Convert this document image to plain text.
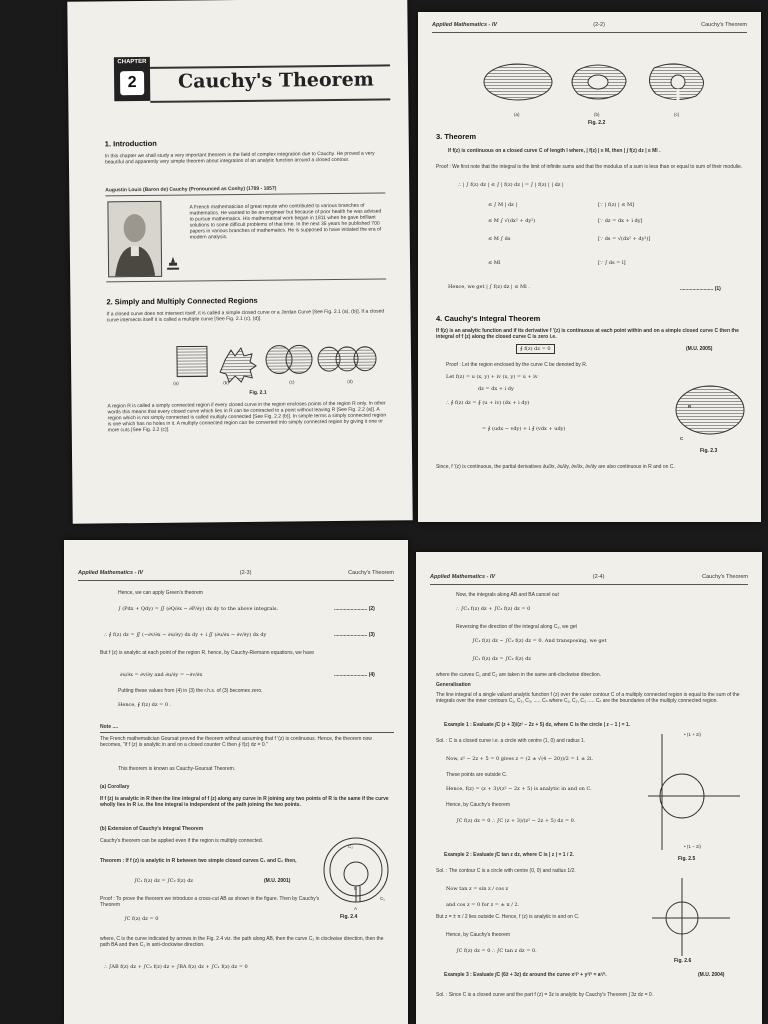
CHAPTER
2	Cauchy's Theorem
1. Introduction
In this chapter we shall study a very important theorem in the field of complex integration due to Cauchy. He proved a very beautiful and apparently very simple theorem about integration of an analytic function around a closed contour.
Augustin Louis (Baron de) Cauchy (Pronounced as Coshy) (1789 - 1857)
A French mathematician of great repute who contributed to various branches of mathematics. He wanted to be an engineer but because of poor health he was advised to pursue mathematics. His mathematical work began in 1811 when he gave brilliant solutions to some difficult problems of that time. In the next 35 years he published 700 papers in various branches of mathematics. He is supposed to have initiated the era of modern analysis.
2. Simply and Multiply Connected Regions
If a closed curve does not intersect itself, it is called a simple closed curve or a Jordan Curve [See Fig. 2.1 (a), (b)]. If a closed curve intersects itself it is called a multiple curve [See Fig. 2.1 (c), (d)].
(a)	(b)	(c)	(d)
Fig. 2.1
A region R is called a simply connected region if every closed curve in the region encloses points of the region R only. In other words this means that every closed curve which lies in R can be contracted to a point without leaving R [See Fig. 2.2 (a)]. A region which is not simply connected is called multiply connected [See Fig. 2.2 (b)]. In simple terms a simply connected region is one which has no holes in it. A multiply connected region can be converted into simply connected region by giving it one or more cuts [See Fig. 2.2 (c)].
Applied Mathematics - IV	(2-2)	Cauchy's Theorem
(a)	(b)	(c)
Fig. 2.2
3. Theorem
If f(z) is continuous on a closed curve C of length l where, | f(z) | ≤ M, then | ∫ f(z) dz | ≤ Ml .
Proof : We first note that the integral is the limit of infinite sums and that the modulus of a sum is less than or equal to sum of their modulie.
∴ | ∫ f(z) dz | ≤ ∫ | f(z) dz | = ∫ | f(z) | | dz |
≤ ∫ M | dz |	[∵ | f(z) | ≤ M]
≤ M ∫ √(dx² + dy²)	[∵ dz = dx + i dy]
≤ M ∫ ds	[∵ ds = √(dx² + dy²)]
≤ Ml	[∵ ∫ ds = l]
Hence, we get | ∫ f(z) dz | ≤ Ml .	........................ (1)
4. Cauchy's Integral Theorem
If f(z) is an analytic function and if its derivative f '(z) is continuous at each point within and on a simple closed curve C then the integral of f (z) along the closed curve C is zero i.e.
∮ f(z) dz = 0	(M.U. 2005)
Proof : Let the region enclosed by the curve C be denoted by R.
Let f(z) = u (x, y) + iv (x, y) = u + iv
dz = dx + i dy
∴ ∮ f(z) dz = ∮ (u + iv) (dx + i dy)
= ∮ (udx − vdy) + i ∮ (vdx + udy)
R
C
Fig. 2.3
Since, f '(z) is continuous, the partial derivatives ∂u/∂x, ∂u/∂y, ∂v/∂x, ∂v/∂y are also continuous in R and on C.
Applied Mathematics - IV	(2-3)	Cauchy's Theorem
Hence, we can apply Green's theorem
∫ (Pdx + Qdy) = ∬ (∂Q/∂x − ∂P/∂y) dx dy to the above integrals.	........................ (2)
∴ ∮ f(z) dz = ∬ (−∂v/∂x − ∂u/∂y) dx dy + i ∬ (∂u/∂x − ∂v/∂y) dx dy	........................ (3)
But f (z) is analytic at each point of the region R, hence, by Cauchy-Riemann equations, we have
∂u/∂x = ∂v/∂y and ∂u/∂y = −∂v/∂x	........................ (4)
Putting these values from (4) in (3) the r.h.s. of (3) becomes zero.
Hence, ∮ f(z) dz = 0 .
Note ....
The French mathematician Goursat proved the theorem without assuming that f '(z) is continuous. Hence, the theorem now becomes, "if f (z) is analytic in and on a closed counter C then ∮ f(z) dz = 0."
This theorem is known as Cauchy-Goursat Theorem.
(a) Corollary
If f (z) is analytic in R then the line integral of f (z) along any curve in R joining any two points of R is the same if the curve wholly lies in R i.e. the line integral is independent of the path joining the two points.
(b) Extension of Cauchy's Integral Theorem
Cauchy's theorem can be applied even if the region is multiply connected.
Theorem : If f (z) is analytic in R between two simple closed curves C₁ and C₂ then,
∫C₁ f(z) dz = ∫C₂ f(z) dz	(M.U. 2001)
Proof : To prove the theorem we introduce a cross-cut AB as shown in the figure. Then by Cauchy's Theorem
∫C f(z) dz = 0
where, C is the curve indicated by arrows in the Fig. 2.4 viz. the path along AB, then the curve C₂ in clockwise direction, then the path BA and then C₁ in anti-clockwise direction.
∴ ∫AB f(z) dz + ∫C₂ f(z) dz + ∫BA f(z) dz + ∫C₁ f(z) dz = 0
C₂
B
A
C₁
Fig. 2.4
Applied Mathematics - IV	(2-4)	Cauchy's Theorem
Now, the integrals along AB and BA cancel out
∴ ∫C₁ f(z) dz + ∫C₂ f(z) dz = 0
Reversing the direction of the integral along C₂, we get
∫C₁ f(z) dz − ∫C₂ f(z) dz = 0. And transposing, we get
∫C₁ f(z) dz = ∫C₂ f(z) dz
where the curves C₁ and C₂ are taken in the same anti-clockwise direction.
Generalisation
The line integral of a single valued analytic function f (z) over the outer contour C of a multiply connected region is equal to the sum of the integrals over the inner contours C₁, C₂, C₃, ..... Cₙ where C₁, C₂, C₃ ..... Cₙ are the boundaries of the multiply connected region.
Example 1 : Evaluate ∫C (z + 3)/(z² − 2z + 5) dz, where C is the circle | z − 1 | = 1.
Sol. : C is a closed curve i.e. a circle with centre (1, 0) and radius 1.
Now, z² − 2z + 5 = 0 gives z = (2 ± √(4 − 20))/2 = 1 ± 2i.
These points are outside C.
Hence, f(z) = (z + 3)/(z² − 2z + 5) is analytic in and on C.
Hence, by Cauchy's theorem
∫C f(z) dz = 0 ∴ ∫C (z + 3)/(z² − 2z + 5) dz = 0.
• (1 + 2i)
• (1 − 2i)
Fig. 2.5
Example 2 : Evaluate ∫C tan z dz, where C is | z | = 1 / 2.
Sol. : The contour C is a circle with centre (0, 0) and radius 1/2.
Now tan z = sin z / cos z
and cos z = 0 for z = ± π / 2.
But z = ± π / 2 lies outside C. Hence, f (z) is analytic in and on C.
Hence, by Cauchy's theorem
∫C f(z) dz = 0 ∴ ∫C tan z dz = 0.
Fig. 2.6
Example 3 : Evaluate ∫C (6z̄ + 3z) dz around the curve x²/³ + y²/³ = a²/³.	(M.U. 2004)
Sol. : Since C is a closed curve and the part f (z) = 3z is analytic by Cauchy's Theorem ∫ 3z dz = 0.
